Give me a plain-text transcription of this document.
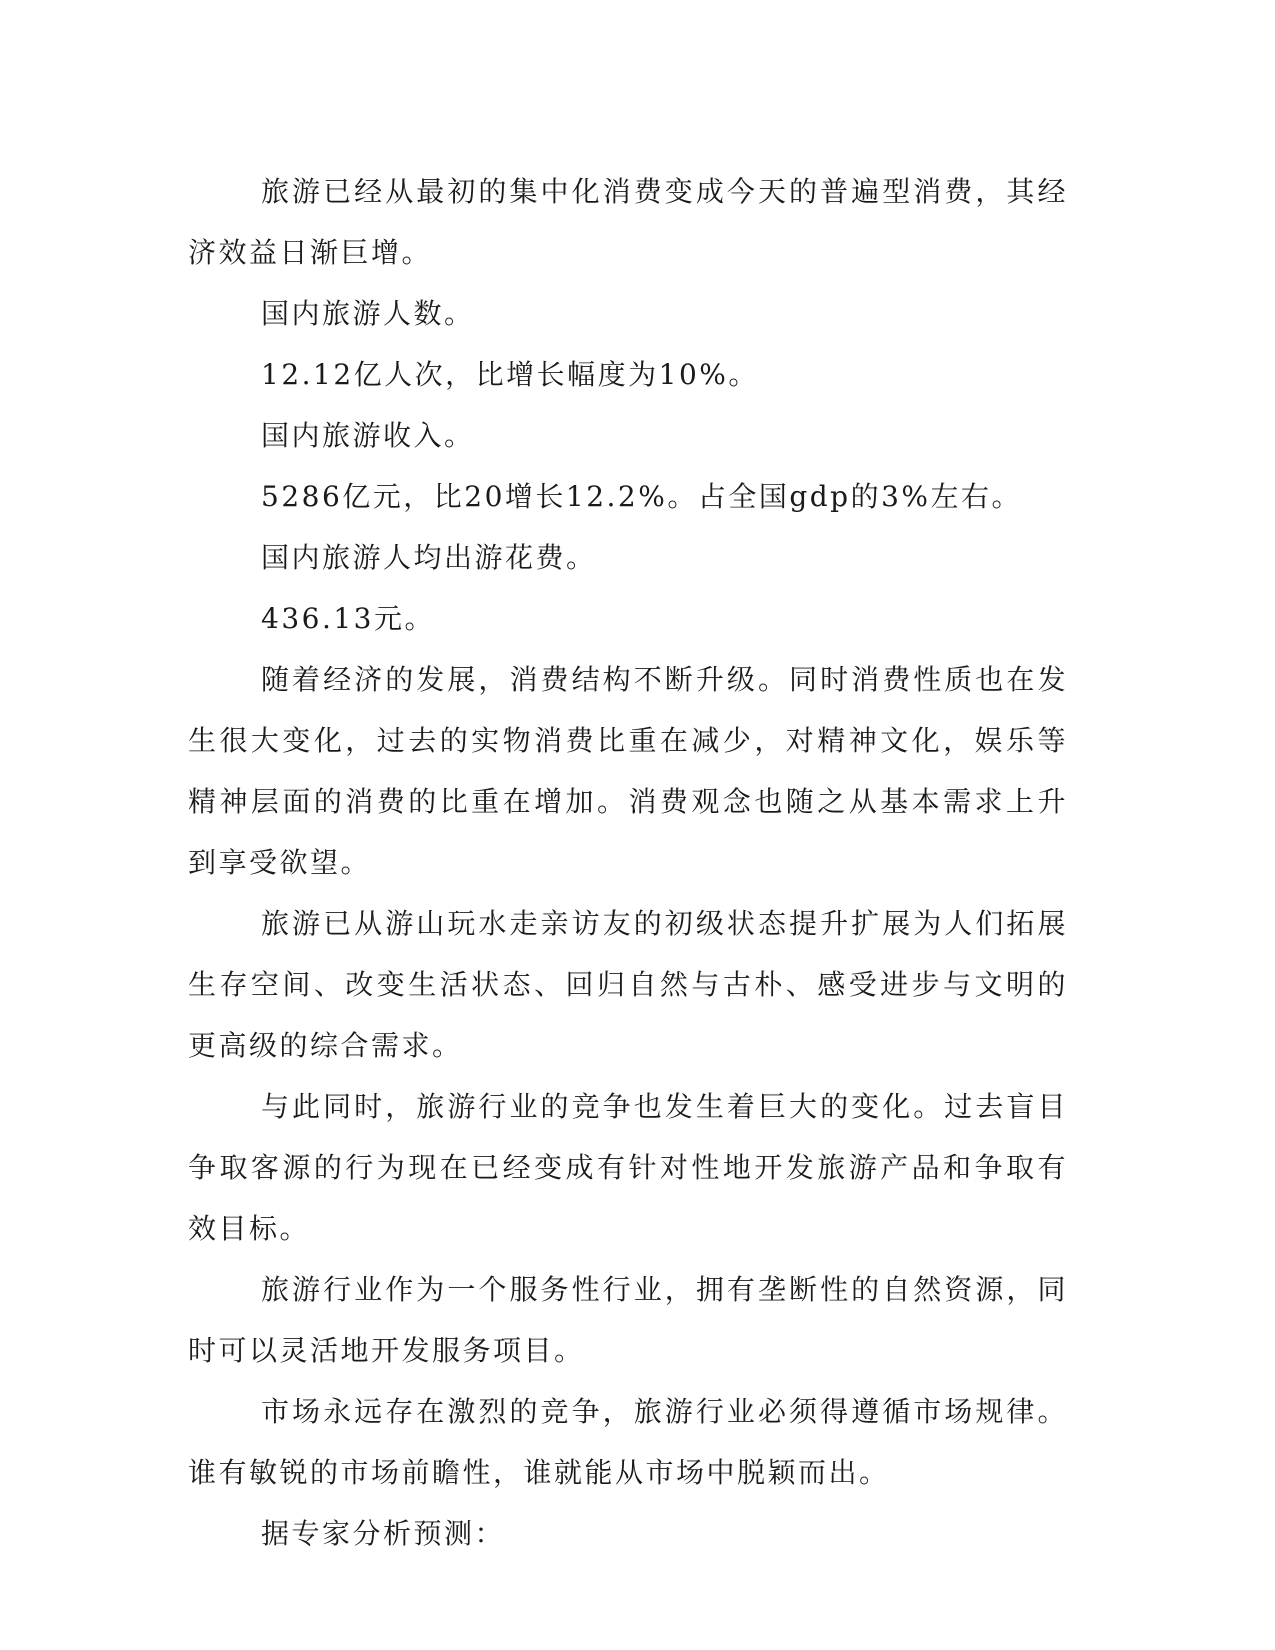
旅游已经从最初的集中化消费变成今天的普遍型消费，其经济效益日渐巨增。

国内旅游人数。

12.12亿人次，比增长幅度为10%。

国内旅游收入。

5286亿元，比20增长12.2%。占全国gdp的3%左右。

国内旅游人均出游花费。

436.13元。

随着经济的发展，消费结构不断升级。同时消费性质也在发生很大变化，过去的实物消费比重在减少，对精神文化，娱乐等精神层面的消费的比重在增加。消费观念也随之从基本需求上升到享受欲望。

旅游已从游山玩水走亲访友的初级状态提升扩展为人们拓展生存空间、改变生活状态、回归自然与古朴、感受进步与文明的更高级的综合需求。

与此同时，旅游行业的竞争也发生着巨大的变化。过去盲目争取客源的行为现在已经变成有针对性地开发旅游产品和争取有效目标。

旅游行业作为一个服务性行业，拥有垄断性的自然资源，同时可以灵活地开发服务项目。

市场永远存在激烈的竞争，旅游行业必须得遵循市场规律。谁有敏锐的市场前瞻性，谁就能从市场中脱颖而出。

据专家分析预测：
